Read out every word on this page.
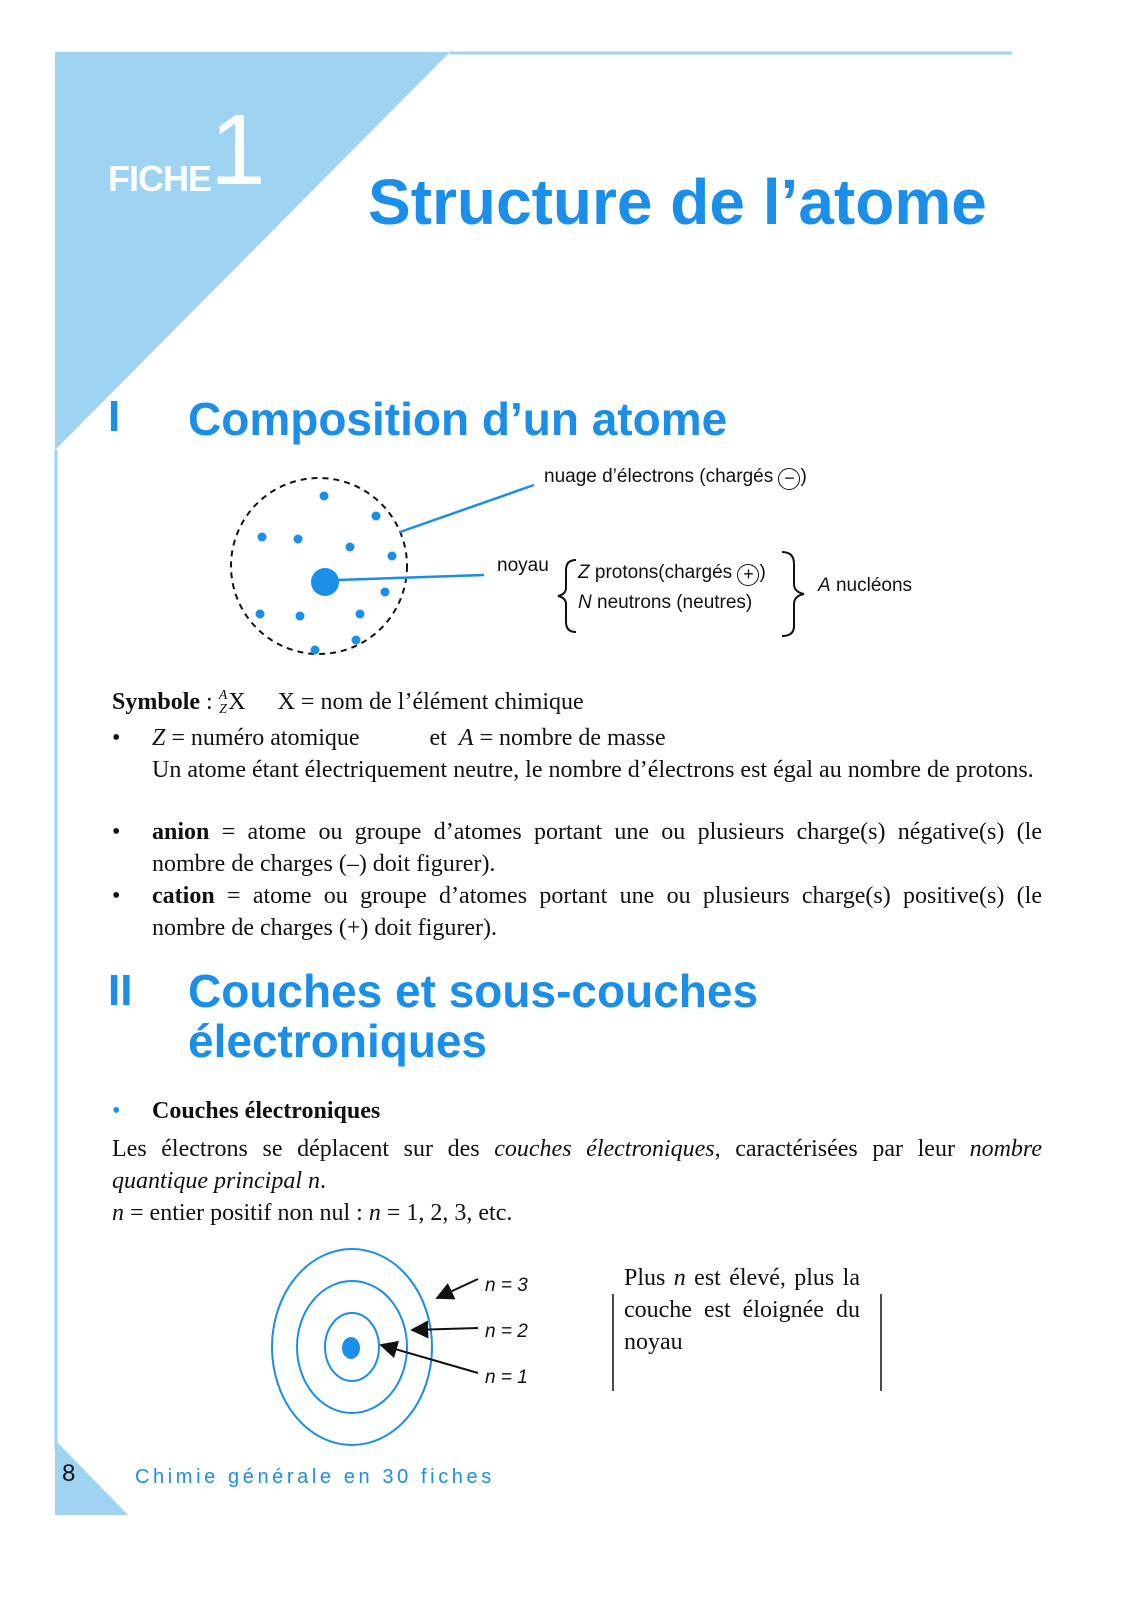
FICHE 1 Structure de l’atome
I Composition d’un atome
nuage d’électrons (chargés − )
noyau Z protons(chargés + )
N neutrons (neutres)
A nucléons
Symbole : A
Z X X = nom de l’élément chimique
• Z = numéro atomique	et A = nombre de masse
Un atome étant électriquement neutre, le nombre d’électrons est égal au nombre de protons.
• anion = atome ou groupe d’atomes portant une ou plusieurs charge(s) négative(s) (le nombre de charges (–) doit figurer).
• cation = atome ou groupe d’atomes portant une ou plusieurs charge(s) positive(s) (le nombre de charges (+) doit figurer).
II Couches et sous-couches
électroniques
• Couches électroniques
Les électrons se déplacent sur des couches électroniques, caractérisées par leur nombre quantique principal n.
n = entier positif non nul : n = 1, 2, 3, etc.
n = 3
n = 2
n = 1
Plus n est élevé, plus la couche est éloignée du noyau
8	Chimie générale en 30 fiches
